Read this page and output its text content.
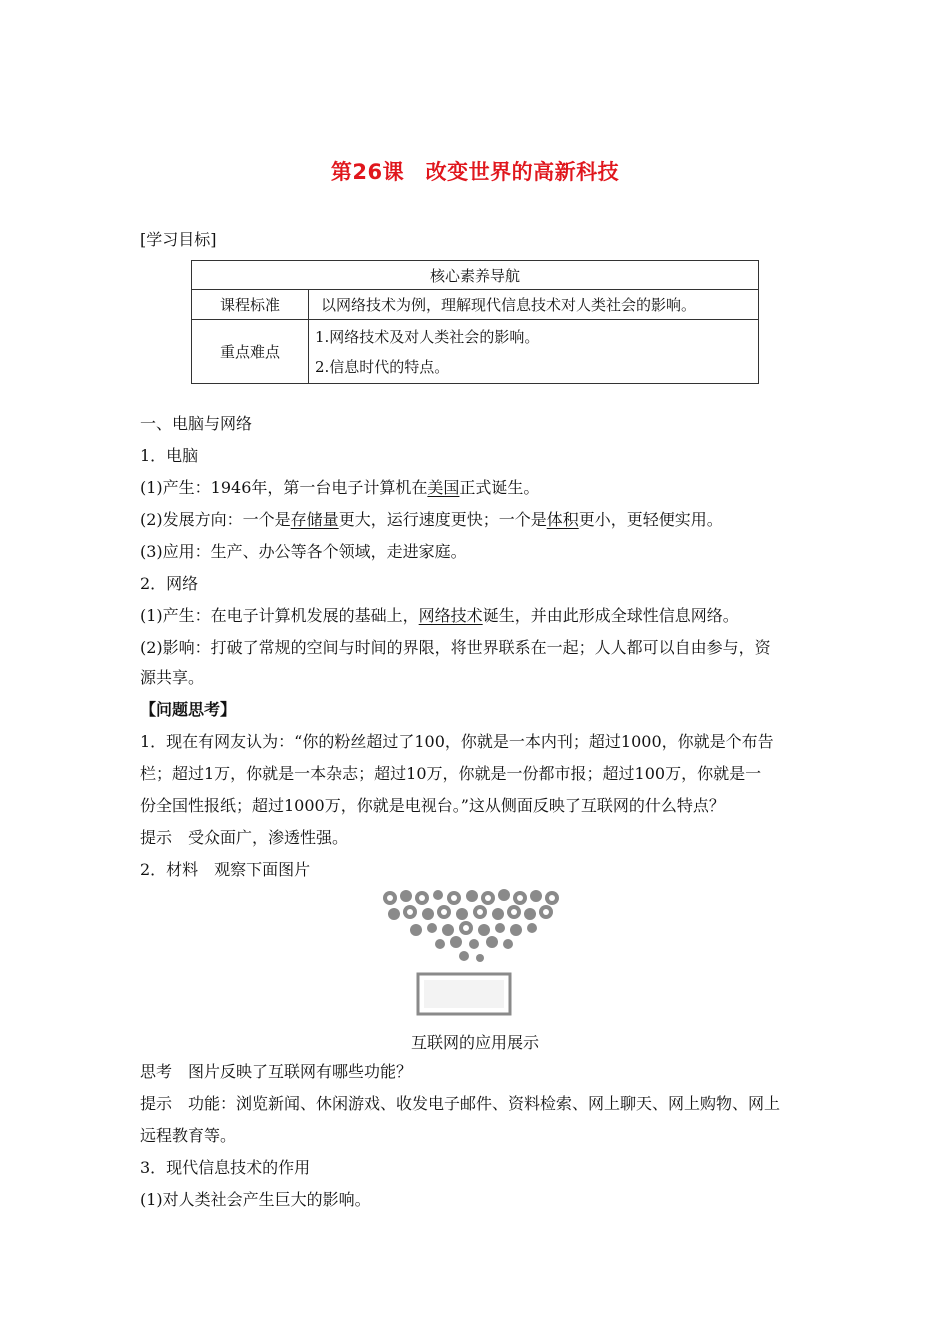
第26课　改变世界的高新科技
[学习目标]
核心素养导航	
课程标准	以网络技术为例，理解现代信息技术对人类社会的影响。
重点难点	1.网络技术及对人类社会的影响。
2.信息时代的特点。
一、电脑与网络
1．电脑
(1)产生：1946年，第一台电子计算机在美国正式诞生。
(2)发展方向：一个是存储量更大，运行速度更快；一个是体积更小，更轻便实用。
(3)应用：生产、办公等各个领域，走进家庭。
2．网络
(1)产生：在电子计算机发展的基础上，网络技术诞生，并由此形成全球性信息网络。
(2)影响：打破了常规的空间与时间的界限，将世界联系在一起；人人都可以自由参与，资
源共享。
【问题思考】
1．现在有网友认为：“你的粉丝超过了100，你就是一本内刊；超过1000，你就是个布告
栏；超过1万，你就是一本杂志；超过10万，你就是一份都市报；超过100万，你就是一
份全国性报纸；超过1000万，你就是电视台。”这从侧面反映了互联网的什么特点？
提示　受众面广，渗透性强。
2．材料　观察下面图片
互联网的应用展示
思考　图片反映了互联网有哪些功能？
提示　功能：浏览新闻、休闲游戏、收发电子邮件、资料检索、网上聊天、网上购物、网上
远程教育等。
3．现代信息技术的作用
(1)对人类社会产生巨大的影响。
